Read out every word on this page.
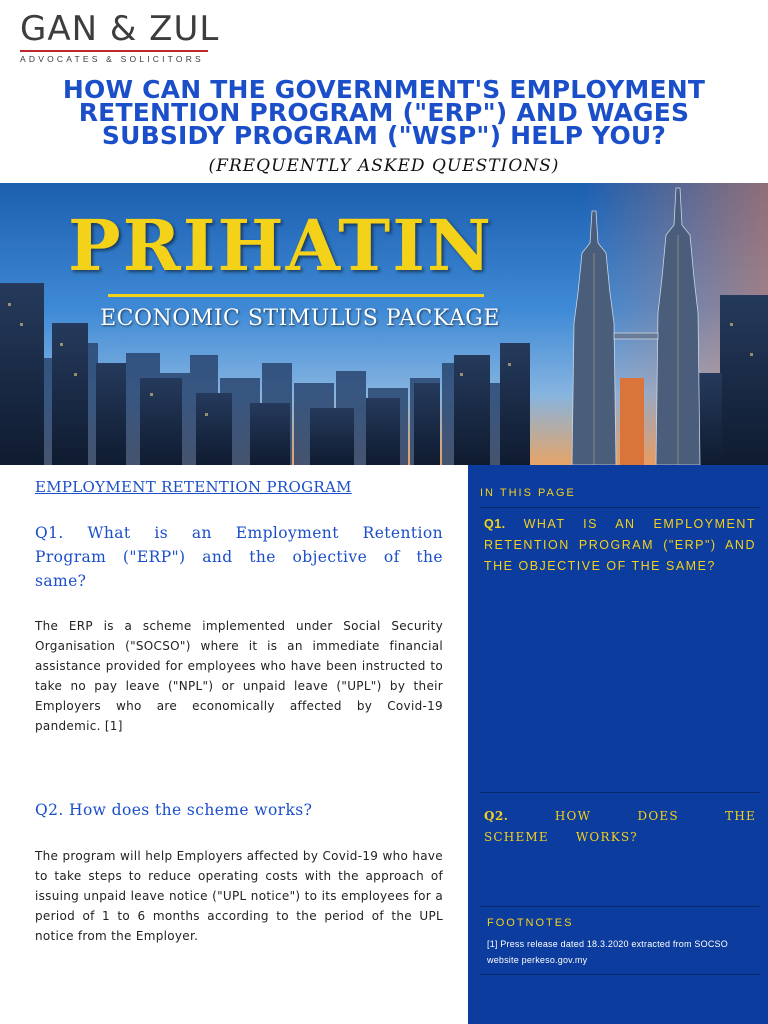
GAN & ZUL
ADVOCATES & SOLICITORS
HOW CAN THE GOVERNMENT'S EMPLOYMENT RETENTION PROGRAM ("ERP") AND WAGES SUBSIDY PROGRAM ("WSP") HELP YOU?
(FREQUENTLY ASKED QUESTIONS)
PRIHATIN
ECONOMIC STIMULUS PACKAGE
EMPLOYMENT RETENTION PROGRAM
Q1. What is an Employment Retention Program ("ERP") and the objective of the same?

The ERP is a scheme implemented under Social Security Organisation ("SOCSO") where it is an immediate financial assistance provided for employees who have been instructed to take no pay leave ("NPL") or unpaid leave ("UPL") by their Employers who are economically affected by Covid-19 pandemic. [1]

Q2. How does the scheme works?

The program will help Employers affected by Covid-19 who have to take steps to reduce operating costs with the approach of issuing unpaid leave notice ("UPL notice") to its employees for a period of 1 to 6 months according to the period of the UPL notice from the Employer.

IN THIS PAGE
Q1. WHAT IS AN EMPLOYMENT RETENTION PROGRAM ("ERP") AND THE OBJECTIVE OF THE SAME?
Q2.	HOW DOES THE SCHEME WORKS?
FOOTNOTES
[1] Press release dated 18.3.2020 extracted from SOCSO website perkeso.gov.my
